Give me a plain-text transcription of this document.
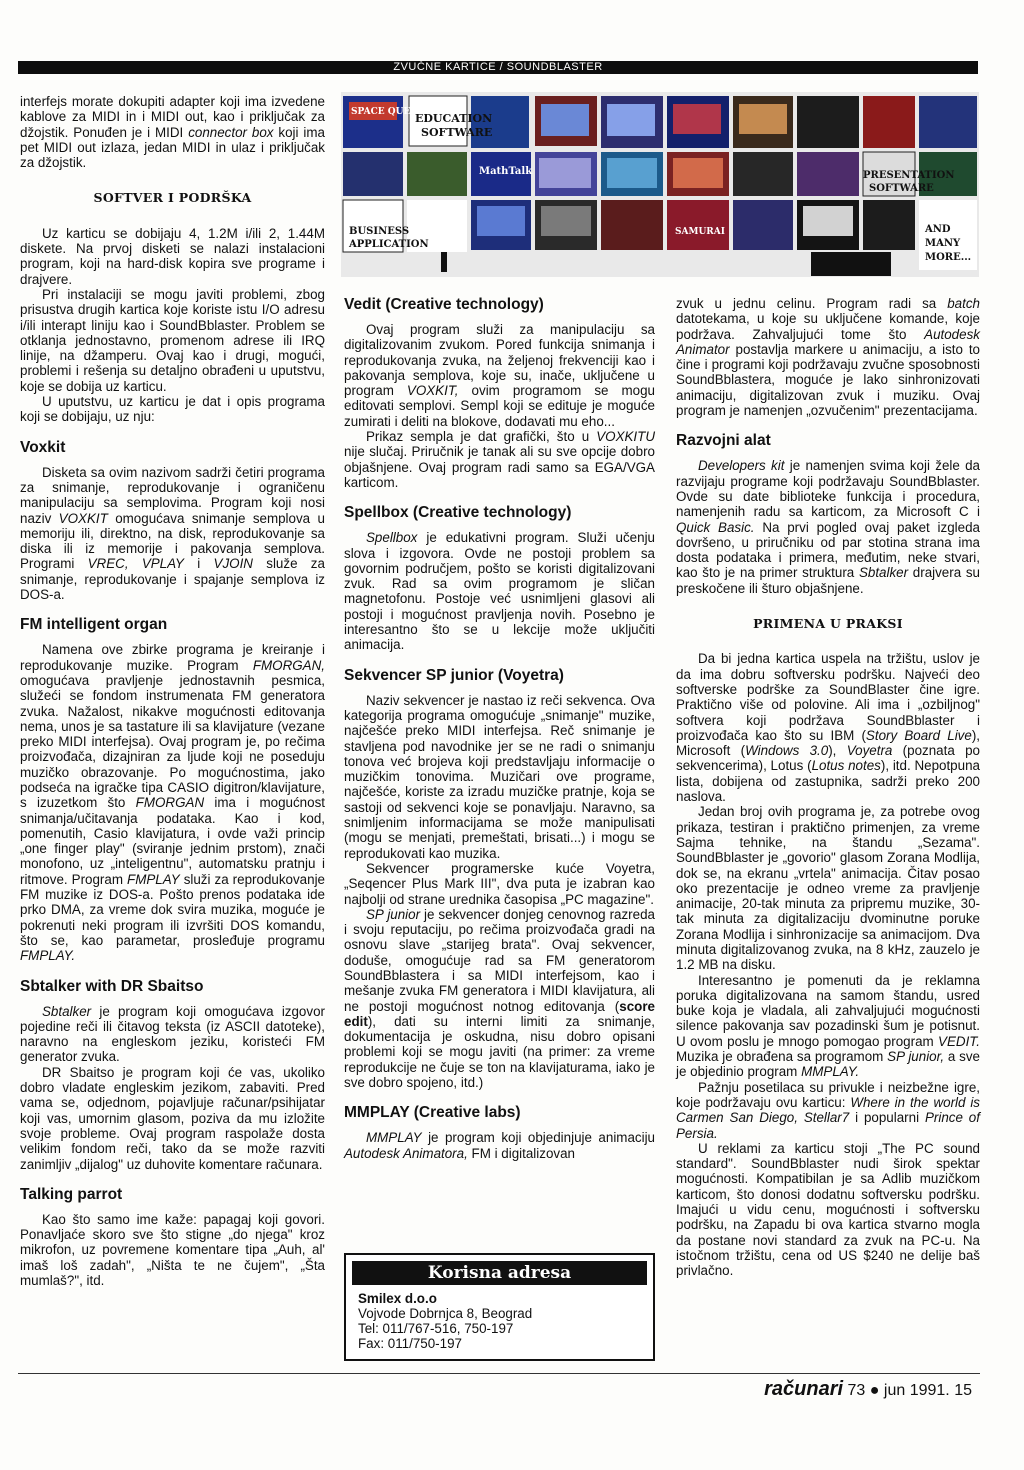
ZVUČNE KARTICE / SOUNDBLASTER
SPACE QUEST
EDUCATION
SOFTWARE
MathTalk	PRESENTATION
SOFTWARE
BUSINESS
APPLICATION
SAMURAI	AND
MANY
MORE...

interfejs morate dokupiti adapter koji ima izvedene kablove za MIDI in i MIDI out, kao i priključak za džojstik. Ponuđen je i MIDI connector box koji ima pet MIDI out izlaza, jedan MIDI in ulaz i priključak za džojstik.

SOFTVER I PODRŠKA

Uz karticu se dobijaju 4, 1.2M i/ili 2, 1.44M diskete. Na prvoj disketi se nalazi instalacioni program, koji na hard-disk kopira sve programe i drajvere.

Pri instalaciji se mogu javiti problemi, zbog prisustva drugih kartica koje koriste istu I/O adresu i/ili interapt liniju kao i SoundBblaster. Problem se otklanja jednostavno, promenom adrese ili IRQ linije, na džamperu. Ovaj kao i drugi, mogući, problemi i rešenja su detaljno obrađeni u uputstvu, koje se dobija uz karticu.

U uputstvu, uz karticu je dat i opis programa koji se dobijaju, uz nju:

Voxkit

Disketa sa ovim nazivom sadrži četiri programa za snimanje, reprodukovanje i ograničenu manipulaciju sa semplovima. Program koji nosi naziv VOXKIT omogućava snimanje semplova u memoriju ili, direktno, na disk, reprodukovanje sa diska ili iz memorije i pakovanja semplova. Programi VREC, VPLAY i VJOIN služe za snimanje, reprodukovanje i spajanje semplova iz DOS-a.

FM intelligent organ

Namena ove zbirke programa je kreiranje i reprodukovanje muzike. Program FMORGAN, omogućava pravljenje jednostavnih pesmica, služeći se fondom instrumenata FM generatora zvuka. Nažalost, nikakve mogućnosti editovanja nema, unos je sa tastature ili sa klavijature (vezane preko MIDI interfejsa). Ovaj program je, po rečima proizvođača, dizajniran za ljude koji ne poseduju muzičko obrazovanje. Po mogućnostima, jako podseća na igračke tipa CASIO digitron/klavijature, s izuzetkom što FMORGAN ima i mogućnost snimanja/učitavanja podataka. Kao i kod, pomenutih, Casio klavijatura, i ovde važi princip „one finger play" (sviranje jednim prstom), znači monofono, uz „inteligentnu", automatsku pratnju i ritmove. Program FMPLAY služi za reprodukovanje FM muzike iz DOS-a. Pošto prenos podataka ide prko DMA, za vreme dok svira muzika, moguće je pokrenuti neki program ili izvršiti DOS komandu, što se, kao parametar, prosleđuje programu FMPLAY.

Sbtalker with DR Sbaitso

Sbtalker je program koji omogućava izgovor pojedine reči ili čitavog teksta (iz ASCII datoteke), naravno na engleskom jeziku, koristeći FM generator zvuka.

DR Sbaitso je program koji će vas, ukoliko dobro vladate engleskim jezikom, zabaviti. Pred vama se, odjednom, pojavljuje računar/psihijatar koji vas, umornim glasom, poziva da mu izložite svoje probleme. Ovaj program raspolaže dosta velikim fondom reči, tako da se može razviti zanimljiv „dijalog" uz duhovite komentare računara.

Talking parrot

Kao što samo ime kaže: papagaj koji govori. Ponavljaće skoro sve što stigne „do njega" kroz mikrofon, uz povremene komentare tipa „Auh, al' imaš loš zadah", „Ništa te ne čujem", „Šta mumlaš?", itd.

Vedit (Creative technology)

Ovaj program služi za manipulaciju sa digitalizovanim zvukom. Pored funkcija snimanja i reprodukovanja zvuka, na željenoj frekvenciji kao i pakovanja semplova, koje su, inače, uključene u program VOXKIT, ovim programom se mogu editovati semplovi. Sempl koji se edituje je moguće zumirati i deliti na blokove, dodavati mu eho...

Prikaz sempla je dat grafički, što u VOXKITU nije slučaj. Priručnik je tanak ali su sve opcije dobro objašnjene. Ovaj program radi samo sa EGA/VGA karticom.

Spellbox (Creative technology)

Spellbox je edukativni program. Služi učenju slova i izgovora. Ovde ne postoji problem sa govornim područjem, pošto se koristi digitalizovani zvuk. Rad sa ovim programom je sličan magnetofonu. Postoje već usnimljeni glasovi ali postoji i mogućnost pravljenja novih. Posebno je interesantno što se u lekcije može uključiti animacija.

Sekvencer SP junior (Voyetra)

Naziv sekvencer je nastao iz reči sekvenca. Ova kategorija programa omogućuje „snimanje" muzike, najčešće preko MIDI interfejsa. Reč snimanje je stavljena pod navodnike jer se ne radi o snimanju tonova već brojeva koji predstavljaju informacije o muzičkim tonovima. Muzičari ove programe, najčešće, koriste za izradu muzičke pratnje, koja se sastoji od sekvenci koje se ponavljaju. Naravno, sa snimljenim informacijama se može manipulisati (mogu se menjati, premeštati, brisati...) i mogu se reprodukovati kao muzika.

Sekvencer programerske kuće Voyetra, „Seqencer Plus Mark III", dva puta je izabran kao najbolji od strane urednika časopisa „PC magazine".

SP junior je sekvencer donjeg cenovnog razreda i svoju reputaciju, po rečima proizvođača gradi na osnovu slave „starijeg brata". Ovaj sekvencer, doduše, omogućuje rad sa FM generatorom SoundBblastera i sa MIDI interfejsom, kao i mešanje zvuka FM generatora i MIDI klavijatura, ali ne postoji mogućnost notnog editovanja (score edit), dati su interni limiti za snimanje, dokumentacija je oskudna, nisu dobro opisani problemi koji se mogu javiti (na primer: za vreme reprodukcije ne čuje se ton na klavijaturama, iako je sve dobro spojeno, itd.)

MMPLAY (Creative labs)

MMPLAY je program koji objedinjuje animaciju Autodesk Animatora, FM i digitalizovan

zvuk u jednu celinu. Program radi sa batch datotekama, u koje su uključene komande, koje podržava. Zahvaljujući tome što Autodesk Animator postavlja markere u animaciju, a isto to čine i programi koji podržavaju zvučne sposobnosti SoundBblastera, moguće je lako sinhronizovati animaciju, digitalizovan zvuk i muziku. Ovaj program je namenjen „ozvučenim" prezentacijama.

Razvojni alat

Developers kit je namenjen svima koji žele da razvijaju programe koji podržavaju SoundBblaster. Ovde su date biblioteke funkcija i procedura, namenjenih radu sa karticom, za Microsoft C i Quick Basic. Na prvi pogled ovaj paket izgleda dovršeno, u priručniku od par stotina strana ima dosta podataka i primera, međutim, neke stvari, kao što je na primer struktura Sbtalker drajvera su preskočene ili šturo objašnjene.

PRIMENA U PRAKSI

Da bi jedna kartica uspela na tržištu, uslov je da ima dobru softversku podršku. Najveći deo softverske podrške za SoundBlaster čine igre. Praktično više od polovine. Ali ima i „ozbiljnog" softvera koji podržava SoundBblaster i proizvođača kao što su IBM (Story Board Live), Microsoft (Windows 3.0), Voyetra (poznata po sekvencerima), Lotus (Lotus notes), itd. Nepotpuna lista, dobijena od zastupnika, sadrži preko 200 naslova.

Jedan broj ovih programa je, za potrebe ovog prikaza, testiran i praktično primenjen, za vreme Sajma tehnike, na štandu „Sezama". SoundBblaster je „govorio" glasom Zorana Modlija, dok se, na ekranu „vrtela" animacija. Čitav posao oko prezentacije je odneo vreme za pravljenje animacije, 20-tak minuta za pripremu muzike, 30-tak minuta za digitalizaciju dvominutne poruke Zorana Modlija i sinhronizacije sa animacijom. Dva minuta digitalizovanog zvuka, na 8 kHz, zauzelo je 1.2 MB na disku.

Interesantno je pomenuti da je reklamna poruka digitalizovana na samom štandu, usred buke koja je vladala, ali zahvaljujući mogućnosti silence pakovanja sav pozadinski šum je potisnut. U ovom poslu je mnogo pomogao program VEDIT. Muzika je obrađena sa programom SP junior, a sve je objedinio program MMPLAY.

Pažnju posetilaca su privukle i neizbežne igre, koje podržavaju ovu karticu: Where in the world is Carmen San Diego, Stellar7 i popularni Prince of Persia.

U reklami za karticu stoji „The PC sound standard". SoundBblaster nudi širok spektar mogućnosti. Kompatibilan je sa Adlib muzičkom karticom, što donosi dodatnu softversku podršku. Imajući u vidu cenu, mogućnosti i softversku podršku, na Zapadu bi ova kartica stvarno mogla da postane novi standard za zvuk na PC-u. Na istočnom tržištu, cena od US $240 ne delije baš privlačno.

Korisna adresa
Smilex d.o.o
Vojvode Dobrnjca 8, Beograd
Tel: 011/767-516, 750-197
Fax: 011/750-197
računari 73 ● jun 1991. 15
